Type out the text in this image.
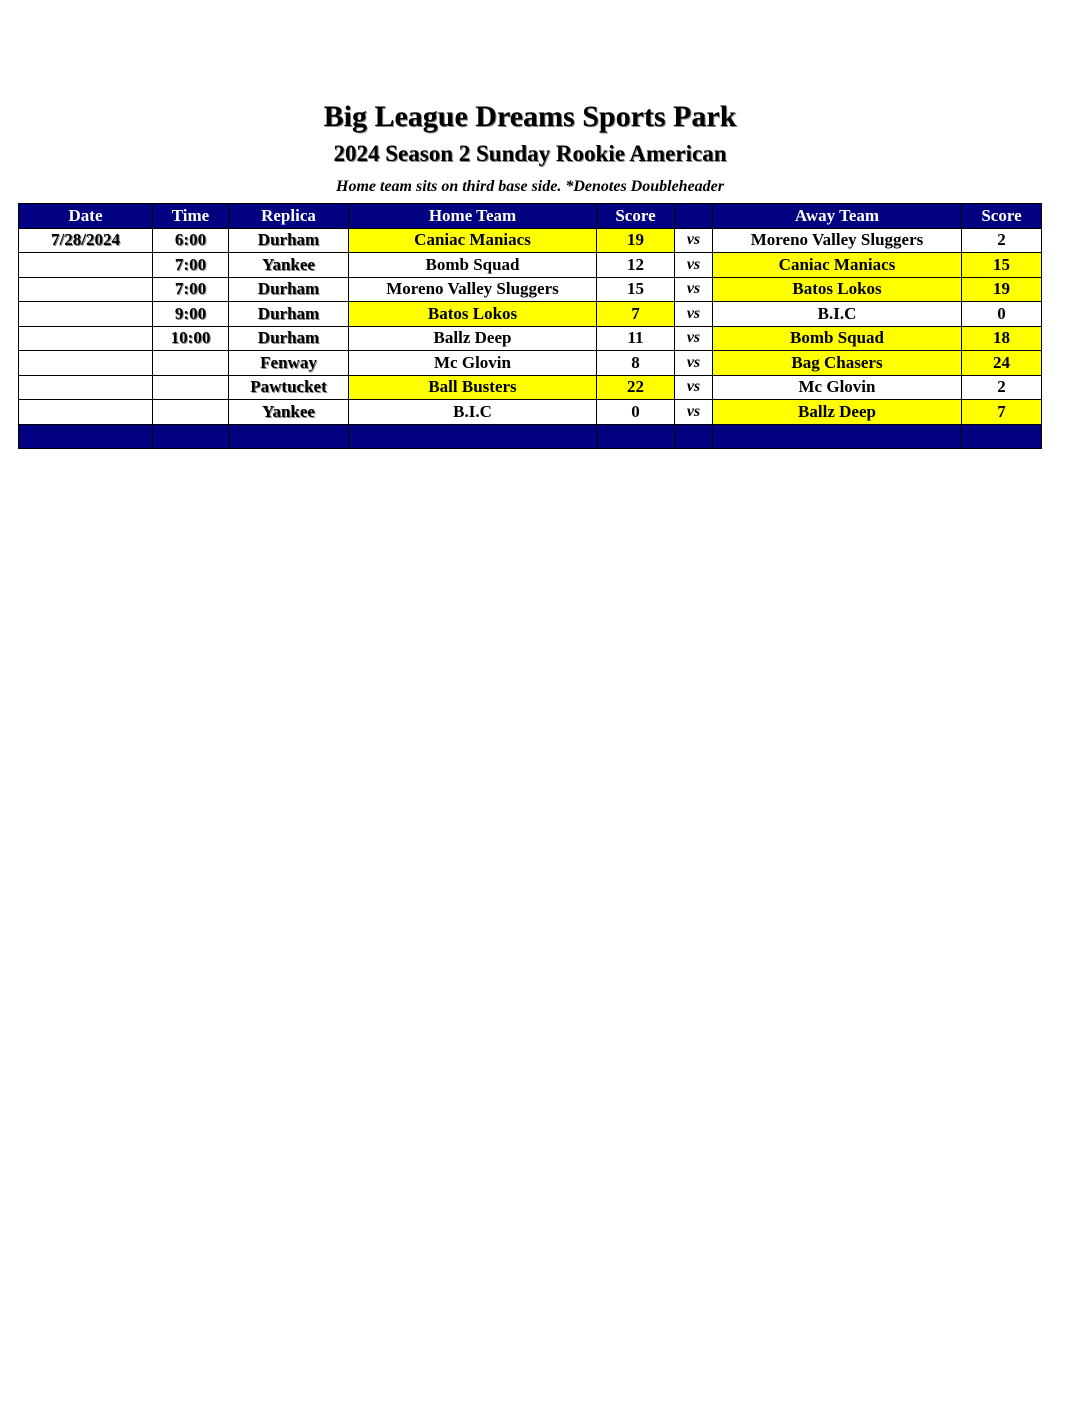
Big League Dreams Sports Park
2024 Season 2 Sunday Rookie American
Home team sits on third base side. *Denotes Doubleheader
Date	Time	Replica	Home Team	Score		Away Team	Score
7/28/2024	6:00	Durham	Caniac Maniacs	19	vs	Moreno Valley Sluggers	2
	7:00	Yankee	Bomb Squad	12	vs	Caniac Maniacs	15
	7:00	Durham	Moreno Valley Sluggers	15	vs	Batos Lokos	19
	9:00	Durham	Batos Lokos	7	vs	B.I.C	0
	10:00	Durham	Ballz Deep	11	vs	Bomb Squad	18
		Fenway	Mc Glovin	8	vs	Bag Chasers	24
		Pawtucket	Ball Busters	22	vs	Mc Glovin	2
		Yankee	B.I.C	0	vs	Ballz Deep	7
